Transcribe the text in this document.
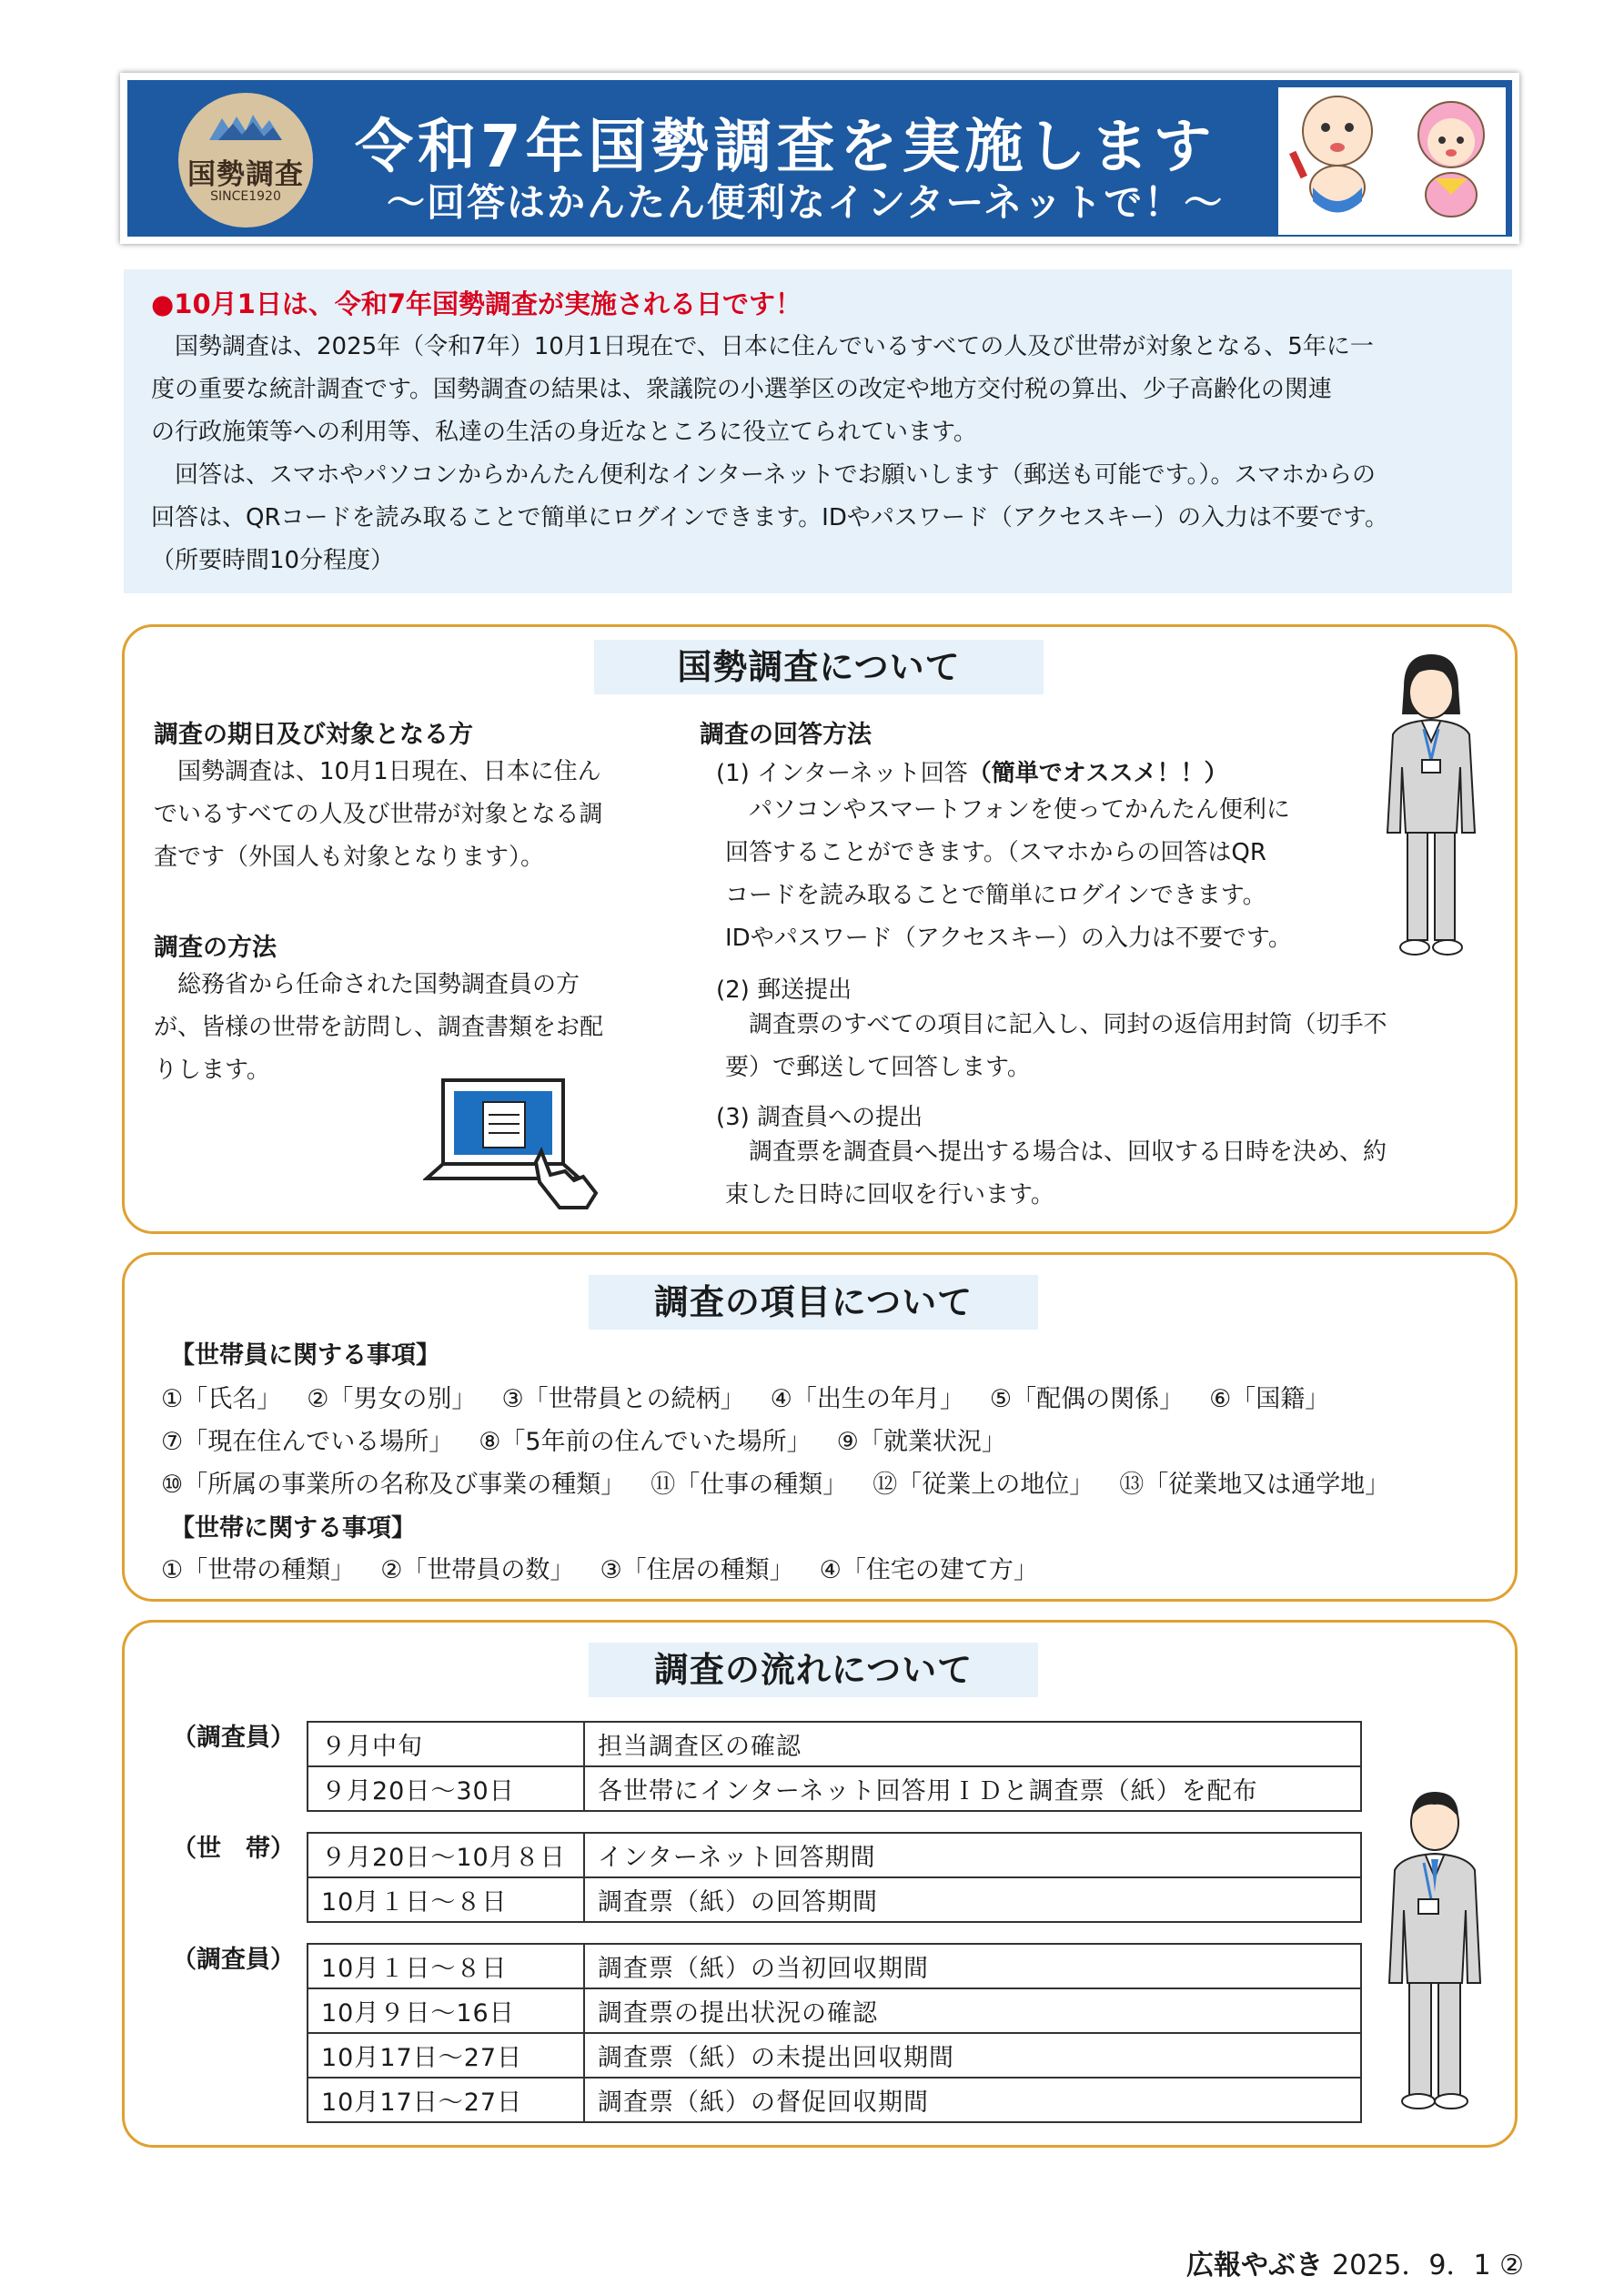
国勢調査
SINCE1920
令和7年国勢調査を実施します
～回答はかんたん便利なインターネットで！～
●10月1日は、令和7年国勢調査が実施される日です！
　国勢調査は、2025年（令和7年）10月1日現在で、日本に住んでいるすべての人及び世帯が対象となる、5年に一
度の重要な統計調査です。国勢調査の結果は、衆議院の小選挙区の改定や地方交付税の算出、少子高齢化の関連
の行政施策等への利用等、私達の生活の身近なところに役立てられています。
　回答は、スマホやパソコンからかんたん便利なインターネットでお願いします（郵送も可能です。）。スマホからの
回答は、QRコードを読み取ることで簡単にログインできます。IDやパスワード（アクセスキー）の入力は不要です。
（所要時間10分程度）
国勢調査について
調査の期日及び対象となる方
　国勢調査は、10月1日現在、日本に住ん
でいるすべての人及び世帯が対象となる調
査です（外国人も対象となります）。
調査の方法
　総務省から任命された国勢調査員の方
が、皆様の世帯を訪問し、調査書類をお配
りします。
調査の回答方法
(1) インターネット回答（簡単でオススメ！！）
　パソコンやスマートフォンを使ってかんたん便利に
回答することができます。（スマホからの回答はQR
コードを読み取ることで簡単にログインできます。
IDやパスワード（アクセスキー）の入力は不要です。
(2) 郵送提出
　調査票のすべての項目に記入し、同封の返信用封筒（切手不
要）で郵送して回答します。
(3) 調査員への提出
　調査票を調査員へ提出する場合は、回収する日時を決め、約
束した日時に回収を行います。
調査の項目について
【世帯員に関する事項】
①「氏名」 ②「男女の別」 ③「世帯員との続柄」 ④「出生の年月」 ⑤「配偶の関係」 ⑥「国籍」
⑦「現在住んでいる場所」 ⑧「5年前の住んでいた場所」 ⑨「就業状況」
⑩「所属の事業所の名称及び事業の種類」 ⑪「仕事の種類」 ⑫「従業上の地位」 ⑬「従業地又は通学地」
【世帯に関する事項】
①「世帯の種類」 ②「世帯員の数」 ③「住居の種類」 ④「住宅の建て方」
調査の流れについて
（調査員） ９月中旬	担当調査区の確認
９月20日～30日	各世帯にインターネット回答用ＩＤと調査票（紙）を配布
（世　帯） ９月20日～10月８日	インターネット回答期間
10月１日～８日	調査票（紙）の回答期間
（調査員） 10月１日～８日	調査票（紙）の当初回収期間
10月９日～16日	調査票の提出状況の確認
10月17日～27日	調査票（紙）の未提出回収期間
10月17日～27日	調査票（紙）の督促回収期間
広報やぶき 2025．9．1 ②
